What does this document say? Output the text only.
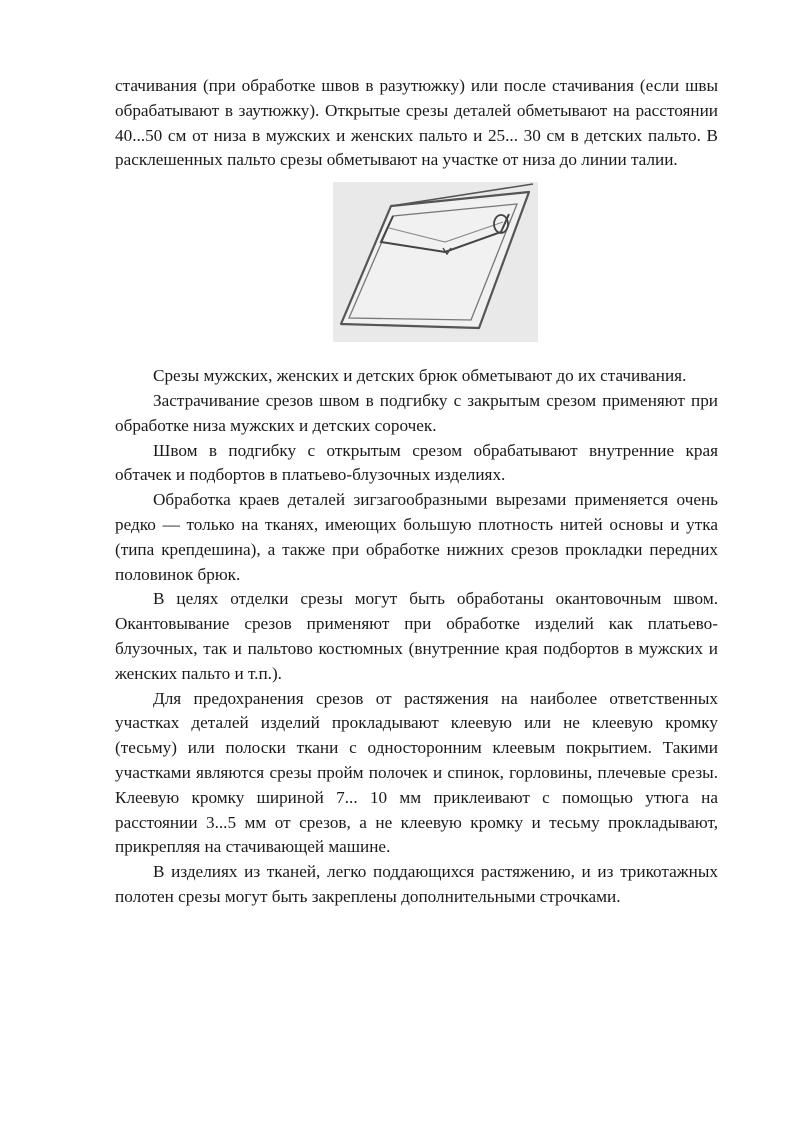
стачивания (при обработке швов в разутюжку) или после стачивания (если швы обрабатывают в заутюжку). Открытые срезы деталей обметывают на расстоянии 40...50 см от низа в мужских и женских пальто и 25... 30 см в детских пальто. В расклешенных пальто срезы обметывают на участке от низа до линии талии.

Срезы мужских, женских и детских брюк обметывают до их стачивания.

Застрачивание срезов швом в подгибку с закрытым срезом применяют при обработке низа мужских и детских сорочек.

Швом в подгибку с открытым срезом обрабатывают внутренние края обтачек и подбортов в платьево-блузочных изделиях.

Обработка краев деталей зигзагообразными вырезами применяется очень редко — только на тканях, имеющих большую плотность нитей основы и утка (типа крепдешина), а также при обработке нижних срезов прокладки передних половинок брюк.

В целях отделки срезы могут быть обработаны окантовочным швом. Окантовывание срезов применяют при обработке изделий как платьево-блузочных, так и пальтово костюмных (внутренние края подбортов в мужских и женских пальто и т.п.).

Для предохранения срезов от растяжения на наиболее ответственных участках деталей изделий прокладывают клеевую или не клеевую кромку (тесьму) или полоски ткани с односторонним клеевым покрытием. Такими участками являются срезы пройм полочек и спинок, горловины, плечевые срезы. Клеевую кромку шириной 7... 10 мм приклеивают с помощью утюга на расстоянии 3...5 мм от срезов, а не клеевую кромку и тесьму прокладывают, прикрепляя на стачивающей машине.

В изделиях из тканей, легко поддающихся растяжению, и из трикотажных полотен срезы могут быть закреплены дополнительными строчками.
